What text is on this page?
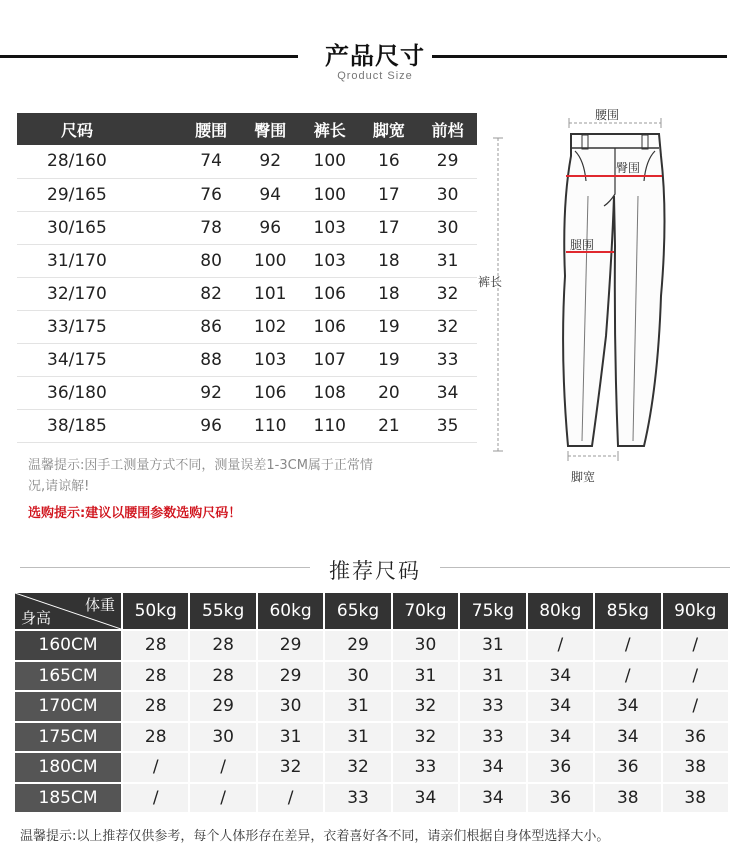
产品尺寸
Qroduct Size
尺码	腰围	臀围	裤长	脚宽	前档
28/160	74	92	100	16	29
29/165	76	94	100	17	30
30/165	78	96	103	17	30
31/170	80	100	103	18	31
32/170	82	101	106	18	32
33/175	86	102	106	19	32
34/175	88	103	107	19	33
36/180	92	106	108	20	34
38/185	96	110	110	21	35
温馨提示:因手工测量方式不同，测量误差1-3CM属于正常情
况,请谅解!
选购提示:建议以腰围参数选购尺码！
腰围
臀围
腿围
裤长
脚宽
推荐尺码
体重
身高	50kg	55kg	60kg	65kg	70kg	75kg	80kg	85kg	90kg
160CM	28	28	29	29	30	31	/	/	/
165CM	28	28	29	30	31	31	34	/	/
170CM	28	29	30	31	32	33	34	34	/
175CM	28	30	31	31	32	33	34	34	36
180CM	/	/	32	32	33	34	36	36	38
185CM	/	/	/	33	34	34	36	38	38
温馨提示:以上推荐仅供参考，每个人体形存在差异，衣着喜好各不同，请亲们根据自身体型选择大小。
